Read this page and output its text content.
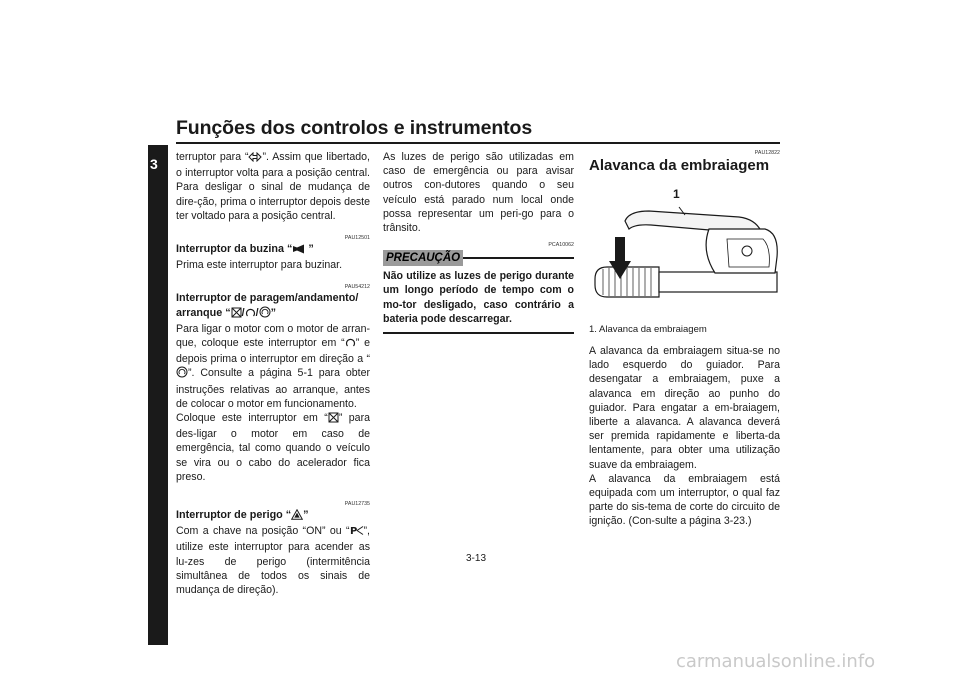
Funções dos controlos e instrumentos
3 terruptor para “ ”. Assim que libertado, o interruptor volta para a posição central. Para desligar o sinal de mudança de dire-ção, prima o interruptor depois deste ter voltado para a posição central.

PAU12501
Interruptor da buzina “ ”

Prima este interruptor para buzinar.

PAU54212
Interruptor de paragem/andamento/
arranque “ / / ”

Para ligar o motor com o motor de arran-que, coloque este interruptor em “ ” e depois prima o interruptor em direção a “”. Consulte a página 5-1 para obter instruções relativas ao arranque, antes de colocar o motor em funcionamento.

Coloque este interruptor em “ ” para des-ligar o motor em caso de emergência, tal como quando o veículo se vira ou o cabo do acelerador fica preso.

PAU12735
Interruptor de perigo “ ”

Com a chave na posição “ON” ou “ P ”, utilize este interruptor para acender as lu-zes de perigo (intermitência simultânea de todos os sinais de mudança de direção).

As luzes de perigo são utilizadas em caso de emergência ou para avisar outros con-dutores quando o seu veículo está parado num local onde possa representar um peri-go para o trânsito.

PCA10062
PRECAUÇÃO

Não utilize as luzes de perigo durante um longo período de tempo com o mo-tor desligado, caso contrário a bateria pode descarregar.

PAU12822
Alavanca da embraiagem
1
1. Alavanca da embraiagem

A alavanca da embraiagem situa-se no lado esquerdo do guiador. Para desengatar a embraiagem, puxe a alavanca em direção ao punho do guiador. Para engatar a em-braiagem, liberte a alavanca. A alavanca deverá ser premida rapidamente e liberta-da lentamente, para obter uma utilização suave da embraiagem.

A alavanca da embraiagem está equipada com um interruptor, o qual faz parte do sis-tema de corte do circuito de ignição. (Con-sulte a página 3-23.)

3-13
carmanualsonline.info
